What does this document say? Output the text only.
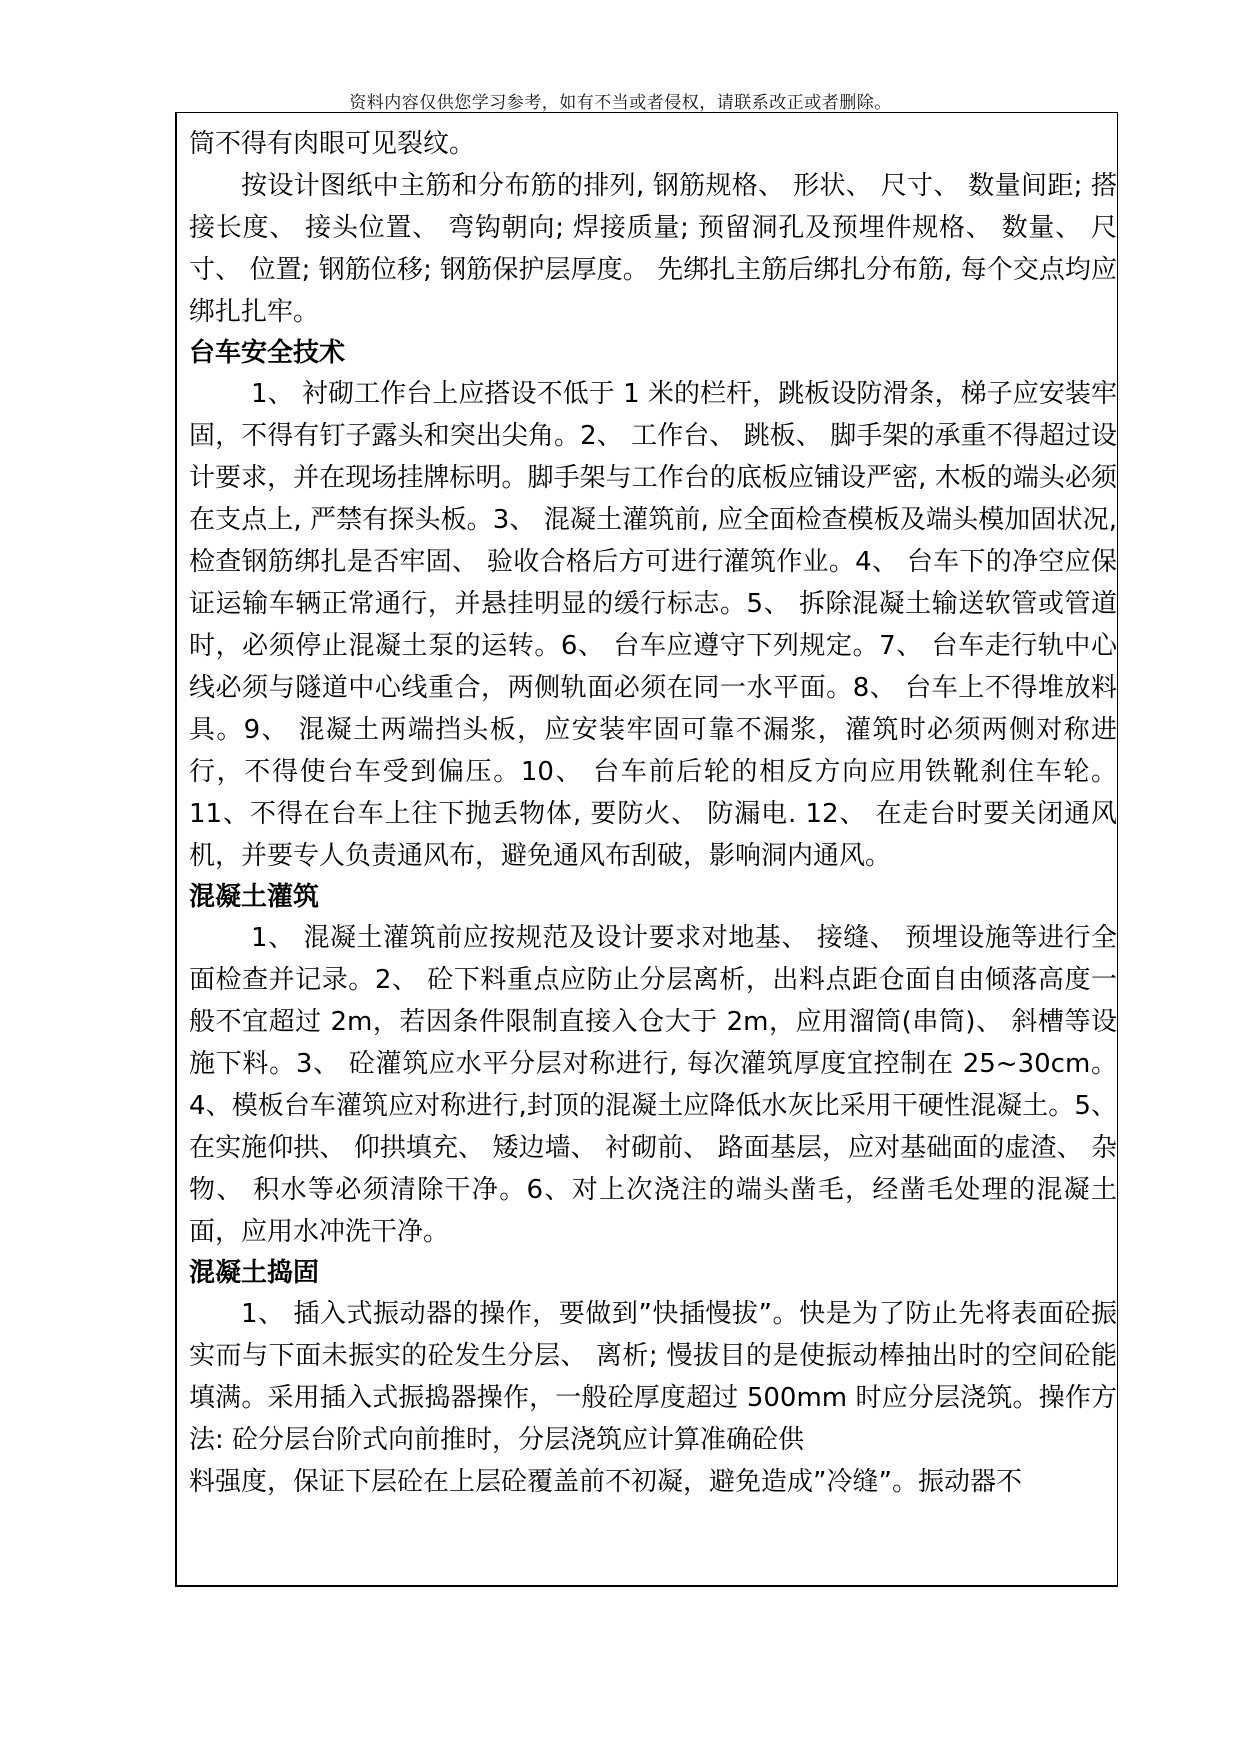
资料内容仅供您学习参考，如有不当或者侵权，请联系改正或者删除。

筒不得有肉眼可见裂纹。

按设计图纸中主筋和分布筋的排列, 钢筋规格、 形状、 尺寸、 数量间距; 搭接长度、 接头位置、 弯钩朝向; 焊接质量; 预留洞孔及预埋件规格、 数量、 尺寸、 位置; 钢筋位移; 钢筋保护层厚度。 先绑扎主筋后绑扎分布筋, 每个交点均应绑扎扎牢。

台车安全技术

1、 衬砌工作台上应搭设不低于 1 米的栏杆，跳板设防滑条，梯子应安装牢固，不得有钉子露头和突出尖角。2、 工作台、 跳板、 脚手架的承重不得超过设计要求，并在现场挂牌标明。脚手架与工作台的底板应铺设严密, 木板的端头必须在支点上, 严禁有探头板。3、 混凝土灌筑前, 应全面检查模板及端头模加固状况, 检查钢筋绑扎是否牢固、 验收合格后方可进行灌筑作业。4、 台车下的净空应保证运输车辆正常通行，并悬挂明显的缓行标志。5、 拆除混凝土输送软管或管道时，必须停止混凝土泵的运转。6、 台车应遵守下列规定。7、 台车走行轨中心线必须与隧道中心线重合，两侧轨面必须在同一水平面。8、 台车上不得堆放料具。9、 混凝土两端挡头板，应安装牢固可靠不漏浆，灌筑时必须两侧对称进行，不得使台车受到偏压。10、 台车前后轮的相反方向应用铁靴刹住车轮。11、不得在台车上往下抛丢物体, 要防火、 防漏电. 12、 在走台时要关闭通风机，并要专人负责通风布，避免通风布刮破，影响洞内通风。

混凝土灌筑

1、 混凝土灌筑前应按规范及设计要求对地基、 接缝、 预埋设施等进行全面检查并记录。2、 砼下料重点应防止分层离析，出料点距仓面自由倾落高度一般不宜超过 2m，若因条件限制直接入仓大于 2m，应用溜筒(串筒)、 斜槽等设施下料。3、 砼灌筑应水平分层对称进行, 每次灌筑厚度宜控制在 25~30cm。4、模板台车灌筑应对称进行,封顶的混凝土应降低水灰比采用干硬性混凝土。5、 在实施仰拱、 仰拱填充、 矮边墙、 衬砌前、 路面基层，应对基础面的虚渣、 杂物、 积水等必须清除干净。6、对上次浇注的端头凿毛，经凿毛处理的混凝土面，应用水冲洗干净。

混凝土捣固

1、 插入式振动器的操作，要做到”快插慢拔”。快是为了防止先将表面砼振实而与下面未振实的砼发生分层、 离析; 慢拔目的是使振动棒抽出时的空间砼能填满。采用插入式振捣器操作，一般砼厚度超过 500mm 时应分层浇筑。操作方法: 砼分层台阶式向前推时，分层浇筑应计算准确砼供

料强度，保证下层砼在上层砼覆盖前不初凝，避免造成”冷缝”。振动器不
